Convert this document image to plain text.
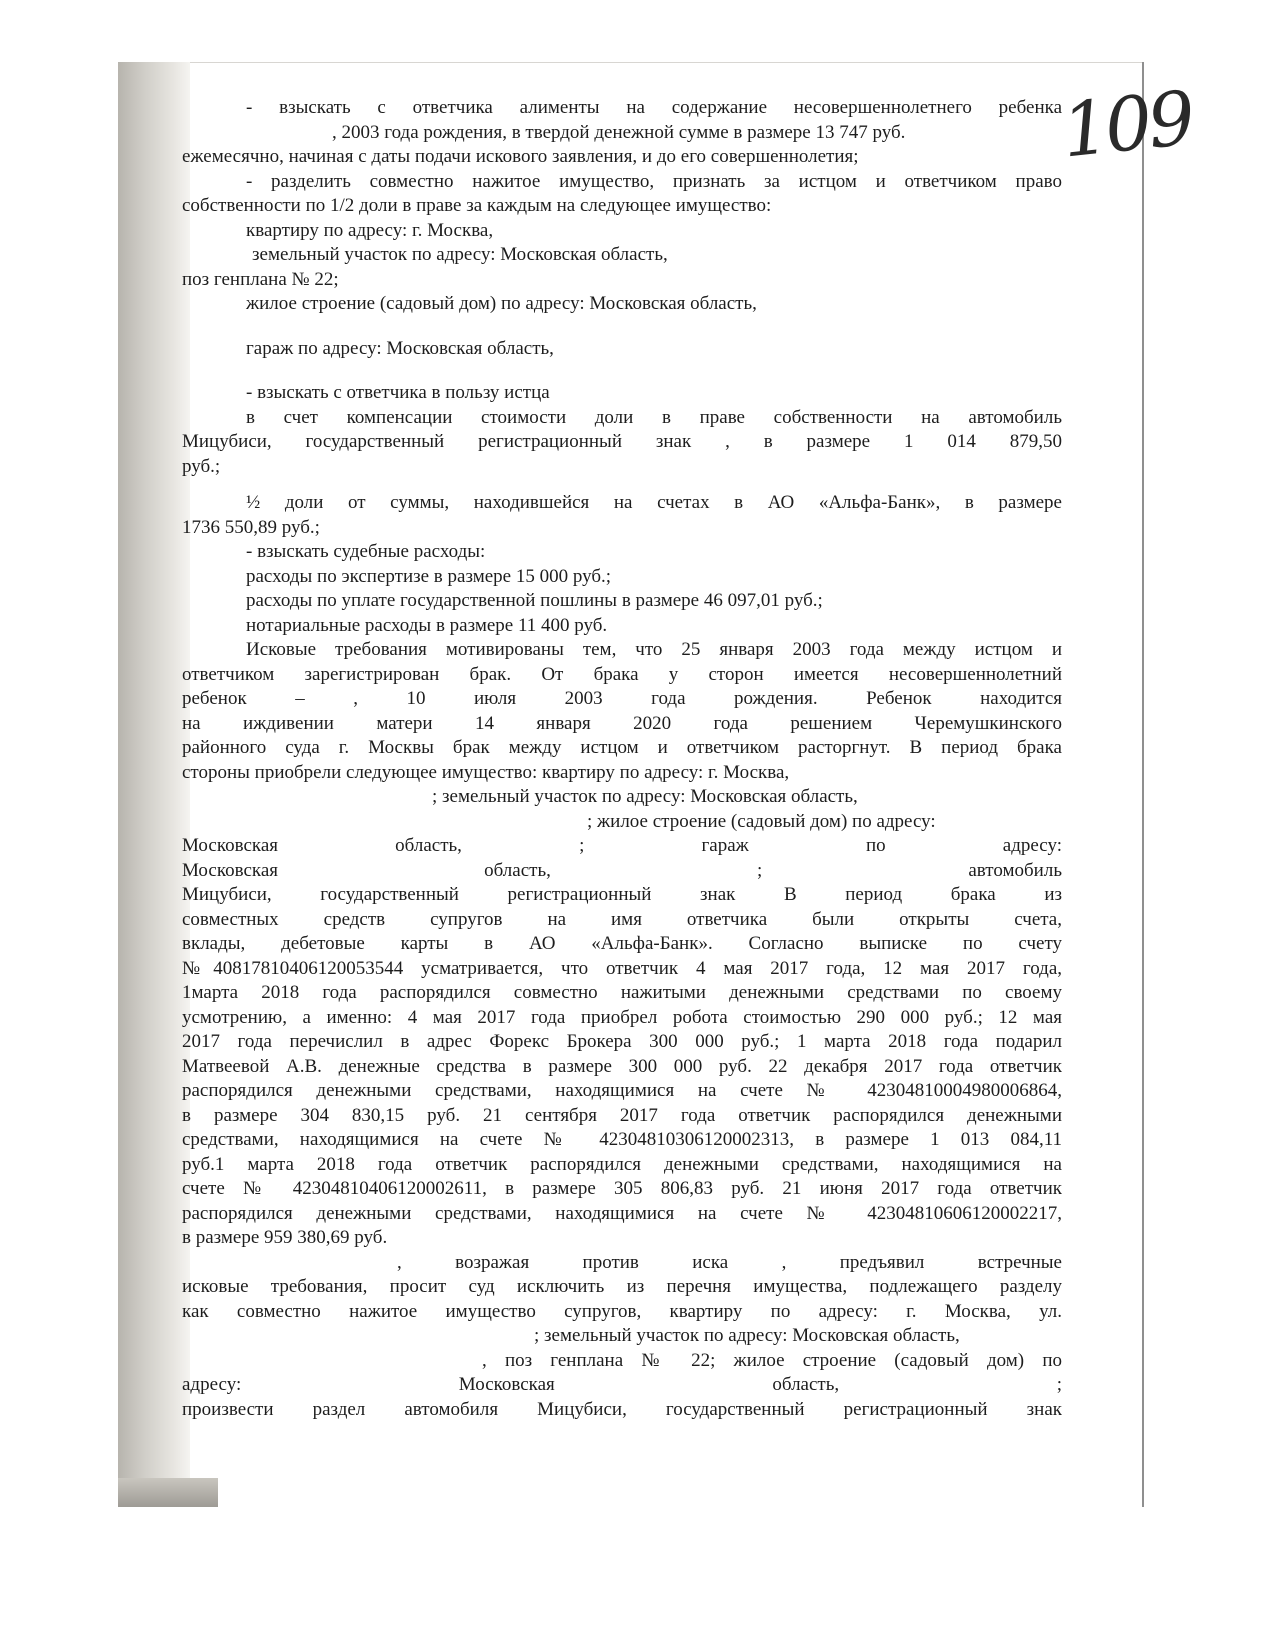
109
- взыскать с ответчика алименты на содержание несовершеннолетнего ребенка
, 2003 года рождения, в твердой денежной сумме в размере 13 747 руб.
ежемесячно, начиная с даты подачи искового заявления, и до его совершеннолетия;
- разделить совместно нажитое имущество, признать за истцом и ответчиком право
собственности по 1/2 доли в праве за каждым на следующее имущество:
квартиру по адресу: г. Москва,
земельный участок по адресу: Московская область,
поз генплана № 22;
жилое строение (садовый дом) по адресу: Московская область,
гараж по адресу: Московская область,
- взыскать с ответчика в пользу истца
в счет компенсации стоимости доли в праве собственности на автомобиль
Мицубиси, государственный регистрационный знак , в размере 1 014 879,50
руб.;
½ доли от суммы, находившейся на счетах в АО «Альфа-Банк», в размере
1736 550,89 руб.;
- взыскать судебные расходы:
расходы по экспертизе в размере 15 000 руб.;
расходы по уплате государственной пошлины в размере 46 097,01 руб.;
нотариальные расходы в размере 11 400 руб.
Исковые требования мотивированы тем, что 25 января 2003 года между истцом и
ответчиком зарегистрирован брак. От брака у сторон имеется несовершеннолетний
ребенок – , 10 июля 2003 года рождения. Ребенок находится
на иждивении матери 14 января 2020 года решением Черемушкинского
районного суда г. Москвы брак между истцом и ответчиком расторгнут. В период брака
стороны приобрели следующее имущество: квартиру по адресу: г. Москва,
; земельный участок по адресу: Московская область,
; жилое строение (садовый дом) по адресу:
Московская область, ; гараж по адресу:
Московская область, ; автомобиль
Мицубиси, государственный регистрационный знак В период брака из
совместных средств супругов на имя ответчика были открыты счета,
вклады, дебетовые карты в АО «Альфа-Банк». Согласно выписке по счету
№40817810406120053544 усматривается, что ответчик 4 мая 2017 года, 12 мая 2017 года,
1марта 2018 года распорядился совместно нажитыми денежными средствами по своему
усмотрению, а именно: 4 мая 2017 года приобрел робота стоимостью 290 000 руб.; 12 мая
2017 года перечислил в адрес Форекс Брокера 300 000 руб.; 1 марта 2018 года подарил
Матвеевой А.В. денежные средства в размере 300 000 руб. 22 декабря 2017 года ответчик
распорядился денежными средствами, находящимися на счете № 42304810004980006864,
в размере 304 830,15 руб. 21 сентября 2017 года ответчик распорядился денежными
средствами, находящимися на счете № 42304810306120002313, в размере 1 013 084,11
руб.1 марта 2018 года ответчик распорядился денежными средствами, находящимися на
счете № 42304810406120002611, в размере 305 806,83 руб. 21 июня 2017 года ответчик
распорядился денежными средствами, находящимися на счете № 42304810606120002217,
в размере 959 380,69 руб.
, возражая против иска , предъявил встречные
исковые требования, просит суд исключить из перечня имущества, подлежащего разделу
как совместно нажитое имущество супругов, квартиру по адресу: г. Москва, ул.
; земельный участок по адресу: Московская область,
, поз генплана № 22; жилое строение (садовый дом) по
адресу: Московская область, ;
произвести раздел автомобиля Мицубиси, государственный регистрационный знак
